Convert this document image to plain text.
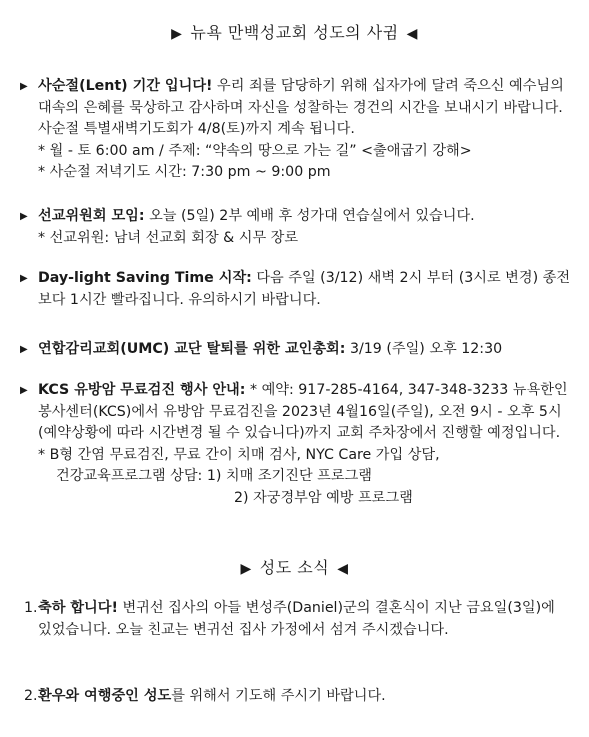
▶ 뉴욕 만백성교회 성도의 사귐 ◀
▶ 사순절(Lent) 기간 입니다! 우리 죄를 담당하기 위해 십자가에 달려 죽으신 예수님의 대속의 은혜를 묵상하고 감사하며 자신을 성찰하는 경건의 시간을 보내시기 바랍니다. 사순절 특별새벽기도회가 4/8(토)까지 계속 됩니다.
* 월 - 토 6:00 am / 주제: “약속의 땅으로 가는 길” <출애굽기 강해>
* 사순절 저녁기도 시간: 7:30 pm ~ 9:00 pm
▶ 선교위원회 모임: 오늘 (5일) 2부 예배 후 성가대 연습실에서 있습니다.
* 선교위원: 남녀 선교회 회장 & 시무 장로
▶ Day-light Saving Time 시작: 다음 주일 (3/12) 새벽 2시 부터 (3시로 변경) 종전보다 1시간 빨라집니다. 유의하시기 바랍니다.
▶ 연합감리교회(UMC) 교단 탈퇴를 위한 교인총회: 3/19 (주일) 오후 12:30
▶ KCS 유방암 무료검진 행사 안내: * 예약: 917-285-4164, 347-348-3233 뉴욕한인봉사센터(KCS)에서 유방암 무료검진을 2023년 4월16일(주일), 오전 9시 - 오후 5시 (예약상황에 따라 시간변경 될 수 있습니다)까지 교회 주차장에서 진행할 예정입니다.
* B형 간염 무료검진, 무료 간이 치매 검사, NYC Care 가입 상담,
건강교육프로그램 상담: 1) 치매 조기진단 프로그램
2) 자궁경부암 예방 프로그램
▶ 성도 소식 ◀
1. 축하 합니다! 변귀선 집사의 아들 변성주(Daniel)군의 결혼식이 지난 금요일(3일)에 있었습니다. 오늘 친교는 변귀선 집사 가정에서 섬겨 주시겠습니다.
2. 환우와 여행중인 성도를 위해서 기도해 주시기 바랍니다.
